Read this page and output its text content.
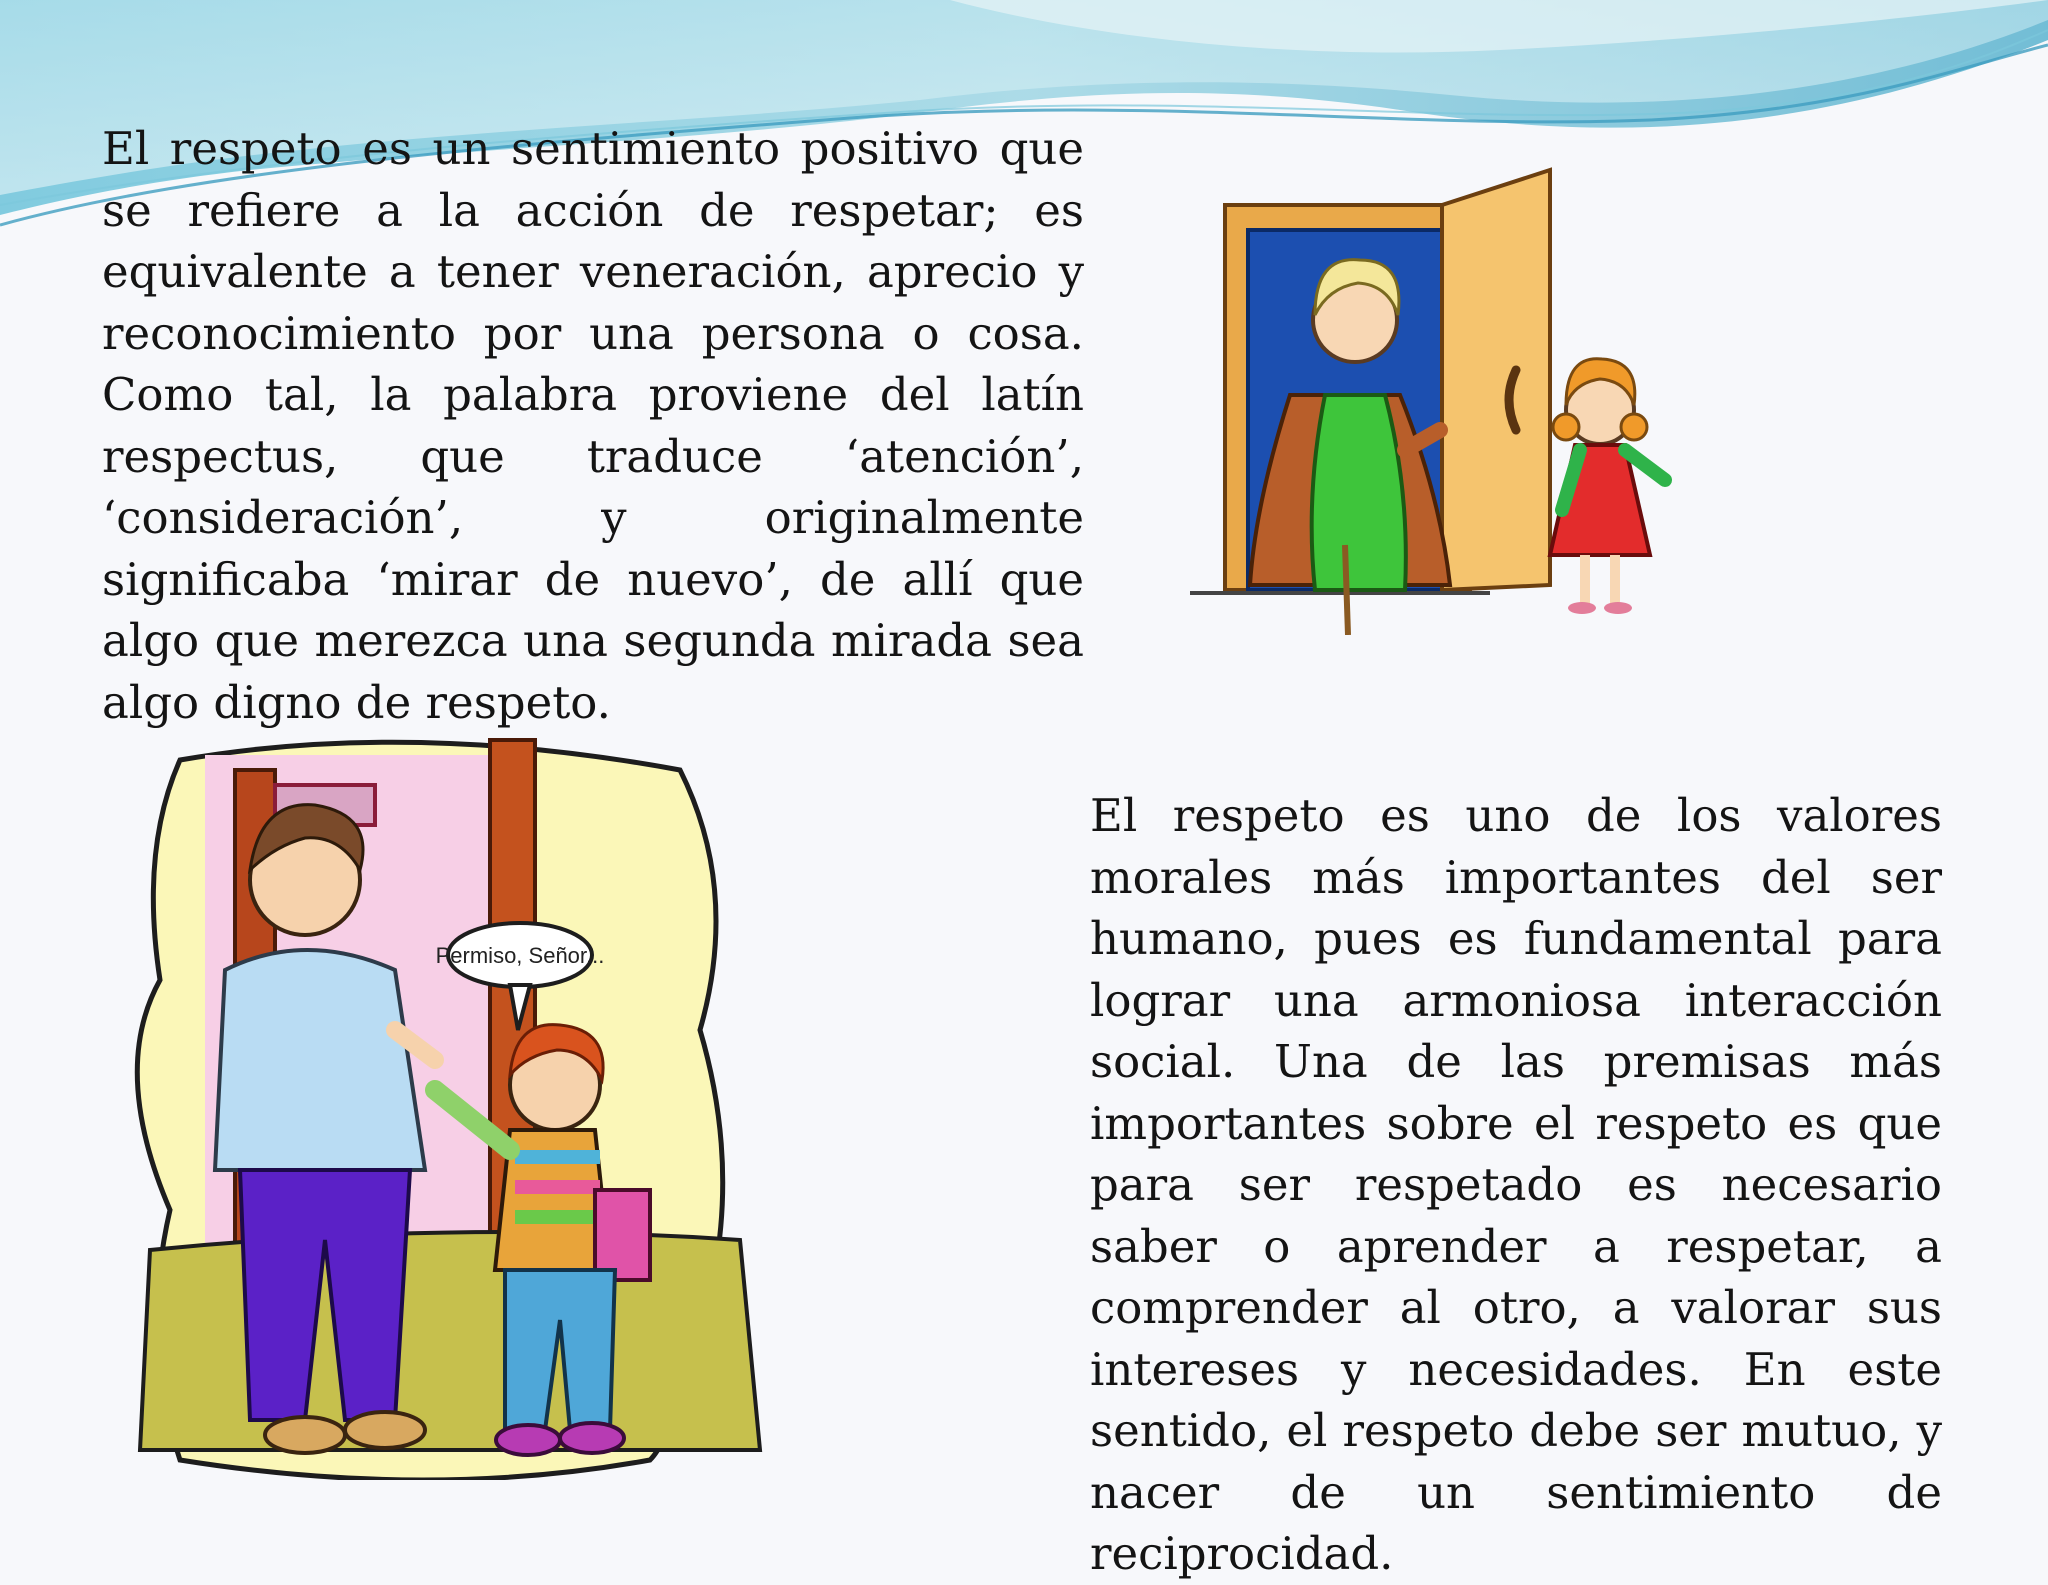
El respeto es un sentimiento positivo que se refiere a la acción de respetar; es equivalente a tener veneración, aprecio y reconocimiento por una persona o cosa. Como tal, la palabra proviene del latín respectus, que traduce ‘atención’, ‘consideración’, y originalmente significaba ‘mirar de nuevo’, de allí que algo que merezca una segunda mirada sea algo digno de respeto.

Permiso, Señor...

El respeto es uno de los valores morales más importantes del ser humano, pues es fundamental para lograr una armoniosa interacción social. Una de las premisas más importantes sobre el respeto es que para ser respetado es necesario saber o aprender a respetar, a comprender al otro, a valorar sus intereses y necesidades. En este sentido, el respeto debe ser mutuo, y nacer de un sentimiento de reciprocidad.
